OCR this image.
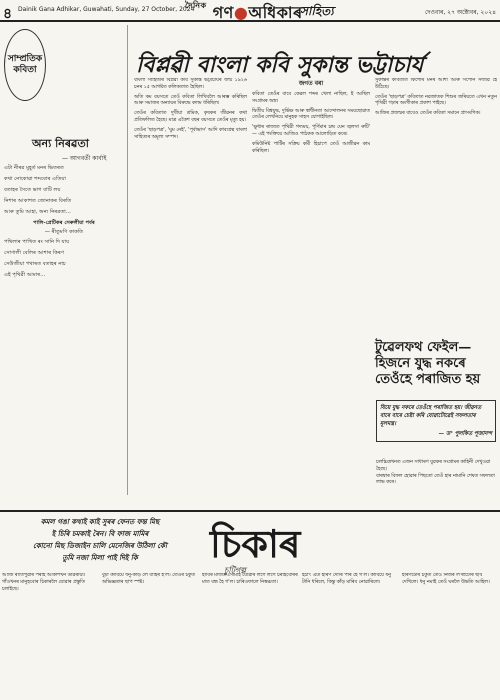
৪ Dainik Gana Adhikar, Guwahati, Sunday, 27 October, 2024
$^{দৈনিক}$ গণ●অধিকাৰ
সাহিত্য	দেওবাৰ, ২৭ অক্টোবৰ, ২০২৪
সাম্প্রতিক কবিতা
অন্য নিৰৱতা
— আগবৰ্তী কাৰ্বাই

এটা নীৰৱ মুহূৰ্ত মনৰ ভিতৰত

কথা নোকোৱা শব্দবোৰ এতিয়া

বতাহৰ সৈতে ভাগ বাটি লয়

নিশাৰ আকাশত জোনাকৰ বিৰতি

আৰু তুমি আহা, অন্য নিৰৱতা...

পালি-প্ৰেটিকৰ সেৰুলীয়া পৰ্বৰ
— ৰীতুমণি কাকতি

পথিলাৰ পাখিত ৰং সানি দি যায়

সোণালী বেলিৰ আশাৰ কিৰণ

সেউজীয়া পথাৰত বতাহৰ নাচ

এই পৃথিৱী আমাৰ...

বিপ্লৱী বাংলা কবি সুকান্ত ভট্টাচাৰ্য

বাংলা সাহিত্যৰ বিপ্লৱী কবি সুকান্ত ভট্টাচাৰ্যৰ জন্ম ১৯২৬ চনৰ ১৫ আগষ্টত কলিকতাত হৈছিল।

অতি কম বয়সতে তেওঁ কবিতা লিখিবলৈ আৰম্ভ কৰিছিল আৰু সমাজৰ অন্যায়ৰ বিৰুদ্ধে কলম ধৰিছিল।

তেওঁৰ কবিতাত দুখীয়া শ্ৰমিক, কৃষকৰ জীৱনৰ কথা প্ৰতিফলিত হৈছে। মাত্ৰ একৈশ বছৰ বয়সতে তেওঁৰ মৃত্যু হয়।

তেওঁৰ 'ছাড়পত্ৰ', 'ঘুম নেই', 'পূৰ্বাভাস' আদি কাব্যগ্ৰন্থ বাংলা সাহিত্যৰ অমূল্য সম্পদ।

জগত বৰা

কবিতা তেওঁৰ বাবে কেৱল শব্দৰ খেলা নাছিল, ই আছিল সংগ্ৰামৰ অস্ত্ৰ।

দ্বিতীয় বিশ্বযুদ্ধ, দুৰ্ভিক্ষ আৰু স্বাধীনতা আন্দোলনৰ সময়ছোৱাত তেওঁৰ লেখনিয়ে মানুহক সাহস যোগাইছিল।

'ক্ষুধাৰ ৰাজ্যত পৃথিৱী গদ্যময়, পূৰ্ণিমাৰ চন্দ্ৰ যেন জ্বলসা ৰুটি' — এই পংক্তিয়ে আজিও পাঠকক আলোড়িত কৰে।

কমিউনিষ্ট পাৰ্টিৰ সক্ৰিয় কৰ্মী হিচাপে তেওঁ আজীৱন কাম কৰিছিল।

সুকান্তৰ কবিতাত কিশোৰ মনৰ আশা আৰু সপোন সজীৱ হৈ উঠিছে।

তেওঁৰ 'ছাড়পত্ৰ' কবিতাত নৱজাতক শিশুৰ জৰিয়তে এখন নতুন পৃথিৱী গঢ়াৰ অংগীকাৰ প্ৰকাশ পাইছে।

আজিৰ প্ৰজন্মৰ বাবেও তেওঁৰ কবিতা সমানে প্ৰাসংগিক।

টুৱেলফথ ফেইল— হিজনে যুদ্ধ নকৰে তেওঁহে পৰাজিত হয়
যিয়ে যুদ্ধ নকৰে তেওঁহে পৰাজিত হয়। জীৱনত বাৰে বাৰে চেষ্টা কৰি যোৱাটোৱেই সফলতাৰ মূলমন্ত্ৰ।
— ড° পুলকিত পূজানন্দ

চলচ্চিত্ৰখনত এজন সাধাৰণ যুৱকৰ সংগ্ৰামৰ কাহিনী দেখুওৱা হৈছে।

বাৰম্বাৰ বিফল হোৱাৰ পিছতো তেওঁ হাৰ নামানি শেষত সফলতা লাভ কৰে।

কমল গঙা কথাই কাই সুৰৰ ফেনত ফন্ত মিছ
ই চিৰি চমকাই ৰৈন। বি ফাজ মামিৰ
কোনো মিছ ডিজাইন চালি মেনেজিৰ উঠিলা কৌ
তুমি নজা মিলা পাই দিই কি	চিকাৰ
চুটিগল্প
আজি ৰাতিপুৱাৰ পৰাই আকাশখন ডাৱৰীয়া। গাঁওখনৰ মানুহবোৰ চিকাৰলৈ যোৱাৰ প্ৰস্তুতি চলাইছে।
বুঢ়া কাৰ্বিয়ে ধনু-কাঁড় লৈ বাহিৰ হ'ল। তেওঁৰ চকুত অভিজ্ঞতাৰ ছাপ স্পষ্ট।
হাবিৰ মাজত সোমাই যোৱাৰ লগে লগে চৰাইবোৰৰ মাত বন্ধ হৈ গ'ল। চাৰিওফালে নিস্তব্ধতা।
হঠাৎ এটা হৰিণ দৌৰি পাৰ হৈ গ'ল। কাৰ্বিয়ে ধনু টানি ধৰিলে, কিন্তু কাঁড় মাৰিব নোৱাৰিলে।
হৰিণটোৰ চকুত তেওঁ নিজৰ ল'ৰাটোৰ ছবি দেখিলে। ধনু নমাই তেওঁ ঘৰলৈ উভতি আহিল।
